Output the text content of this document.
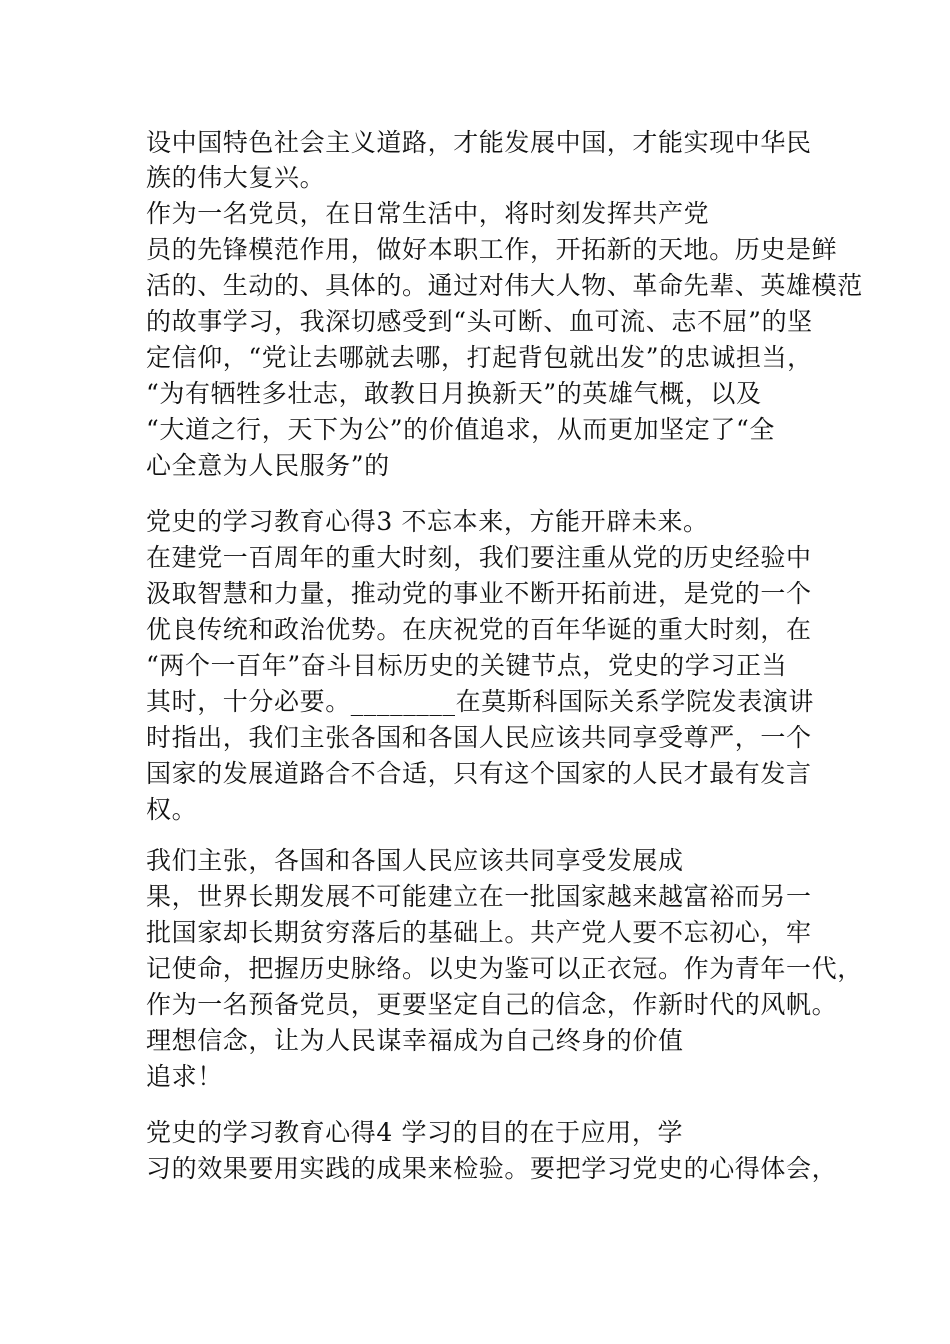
设中国特色社会主义道路，才能发展中国，才能实现中华民
族的伟大复兴。
作为一名党员，在日常生活中，将时刻发挥共产党
员的先锋模范作用，做好本职工作，开拓新的天地。历史是鲜
活的、生动的、具体的。通过对伟大人物、革命先辈、英雄模范
的故事学习，我深切感受到“头可断、血可流、志不屈”的坚
定信仰，“党让去哪就去哪，打起背包就出发”的忠诚担当，
“为有牺牲多壮志，敢教日月换新天”的英雄气概，以及
“大道之行，天下为公”的价值追求，从而更加坚定了“全
心全意为人民服务”的
党史的学习教育心得3 不忘本来，方能开辟未来。
在建党一百周年的重大时刻，我们要注重从党的历史经验中
汲取智慧和力量，推动党的事业不断开拓前进，是党的一个
优良传统和政治优势。在庆祝党的百年华诞的重大时刻，在
“两个一百年”奋斗目标历史的关键节点，党史的学习正当
其时，十分必要。________在莫斯科国际关系学院发表演讲
时指出，我们主张各国和各国人民应该共同享受尊严，一个
国家的发展道路合不合适，只有这个国家的人民才最有发言
权。
我们主张，各国和各国人民应该共同享受发展成
果，世界长期发展不可能建立在一批国家越来越富裕而另一
批国家却长期贫穷落后的基础上。共产党人要不忘初心，牢
记使命，把握历史脉络。以史为鉴可以正衣冠。作为青年一代，
作为一名预备党员，更要坚定自己的信念，作新时代的风帆。
理想信念，让为人民谋幸福成为自己终身的价值
追求！
党史的学习教育心得4 学习的目的在于应用，学
习的效果要用实践的成果来检验。要把学习党史的心得体会，
